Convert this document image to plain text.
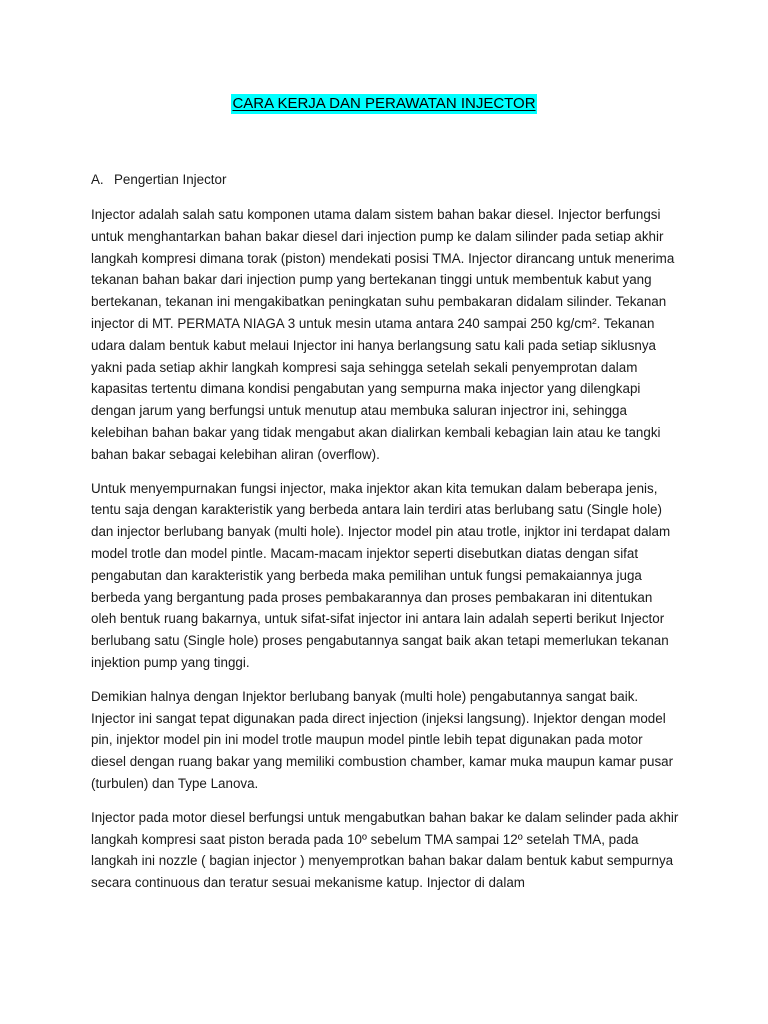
CARA KERJA DAN PERAWATAN INJECTOR
A. Pengertian Injector

Injector adalah salah satu komponen utama dalam sistem bahan bakar diesel. Injector berfungsi untuk menghantarkan bahan bakar diesel dari injection pump ke dalam silinder pada setiap akhir langkah kompresi dimana torak (piston) mendekati posisi TMA. Injector dirancang untuk menerima tekanan bahan bakar dari injection pump yang bertekanan tinggi untuk membentuk kabut yang bertekanan, tekanan ini mengakibatkan peningkatan suhu pembakaran didalam silinder. Tekanan injector di MT. PERMATA NIAGA 3 untuk mesin utama antara 240 sampai 250 kg/cm². Tekanan udara dalam bentuk kabut melaui Injector ini hanya berlangsung satu kali pada setiap siklusnya yakni pada setiap akhir langkah kompresi saja sehingga setelah sekali penyemprotan dalam kapasitas tertentu dimana kondisi pengabutan yang sempurna maka injector yang dilengkapi dengan jarum yang berfungsi untuk menutup atau membuka saluran injectror ini, sehingga kelebihan bahan bakar yang tidak mengabut akan dialirkan kembali kebagian lain atau ke tangki bahan bakar sebagai kelebihan aliran (overflow).

Untuk menyempurnakan fungsi injector, maka injektor akan kita temukan dalam beberapa jenis, tentu saja dengan karakteristik yang berbeda antara lain terdiri atas berlubang satu (Single hole) dan injector berlubang banyak (multi hole). Injector model pin atau trotle, injktor ini terdapat dalam model trotle dan model pintle. Macam-macam injektor seperti disebutkan diatas dengan sifat pengabutan dan karakteristik yang berbeda maka pemilihan untuk fungsi pemakaiannya juga berbeda yang bergantung pada proses pembakarannya dan proses pembakaran ini ditentukan oleh bentuk ruang bakarnya, untuk sifat-sifat injector ini antara lain adalah seperti berikut Injector berlubang satu (Single hole) proses pengabutannya sangat baik akan tetapi memerlukan tekanan injektion pump yang tinggi.

Demikian halnya dengan Injektor berlubang banyak (multi hole) pengabutannya sangat baik. Injector ini sangat tepat digunakan pada direct injection (injeksi langsung). Injektor dengan model pin, injektor model pin ini model trotle maupun model pintle lebih tepat digunakan pada motor diesel dengan ruang bakar yang memiliki combustion chamber, kamar muka maupun kamar pusar (turbulen) dan Type Lanova.

Injector pada motor diesel berfungsi untuk mengabutkan bahan bakar ke dalam selinder pada akhir langkah kompresi saat piston berada pada 10º sebelum TMA sampai 12º setelah TMA, pada langkah ini nozzle ( bagian injector ) menyemprotkan bahan bakar dalam bentuk kabut sempurnya secara continuous dan teratur sesuai mekanisme katup. Injector di dalam
